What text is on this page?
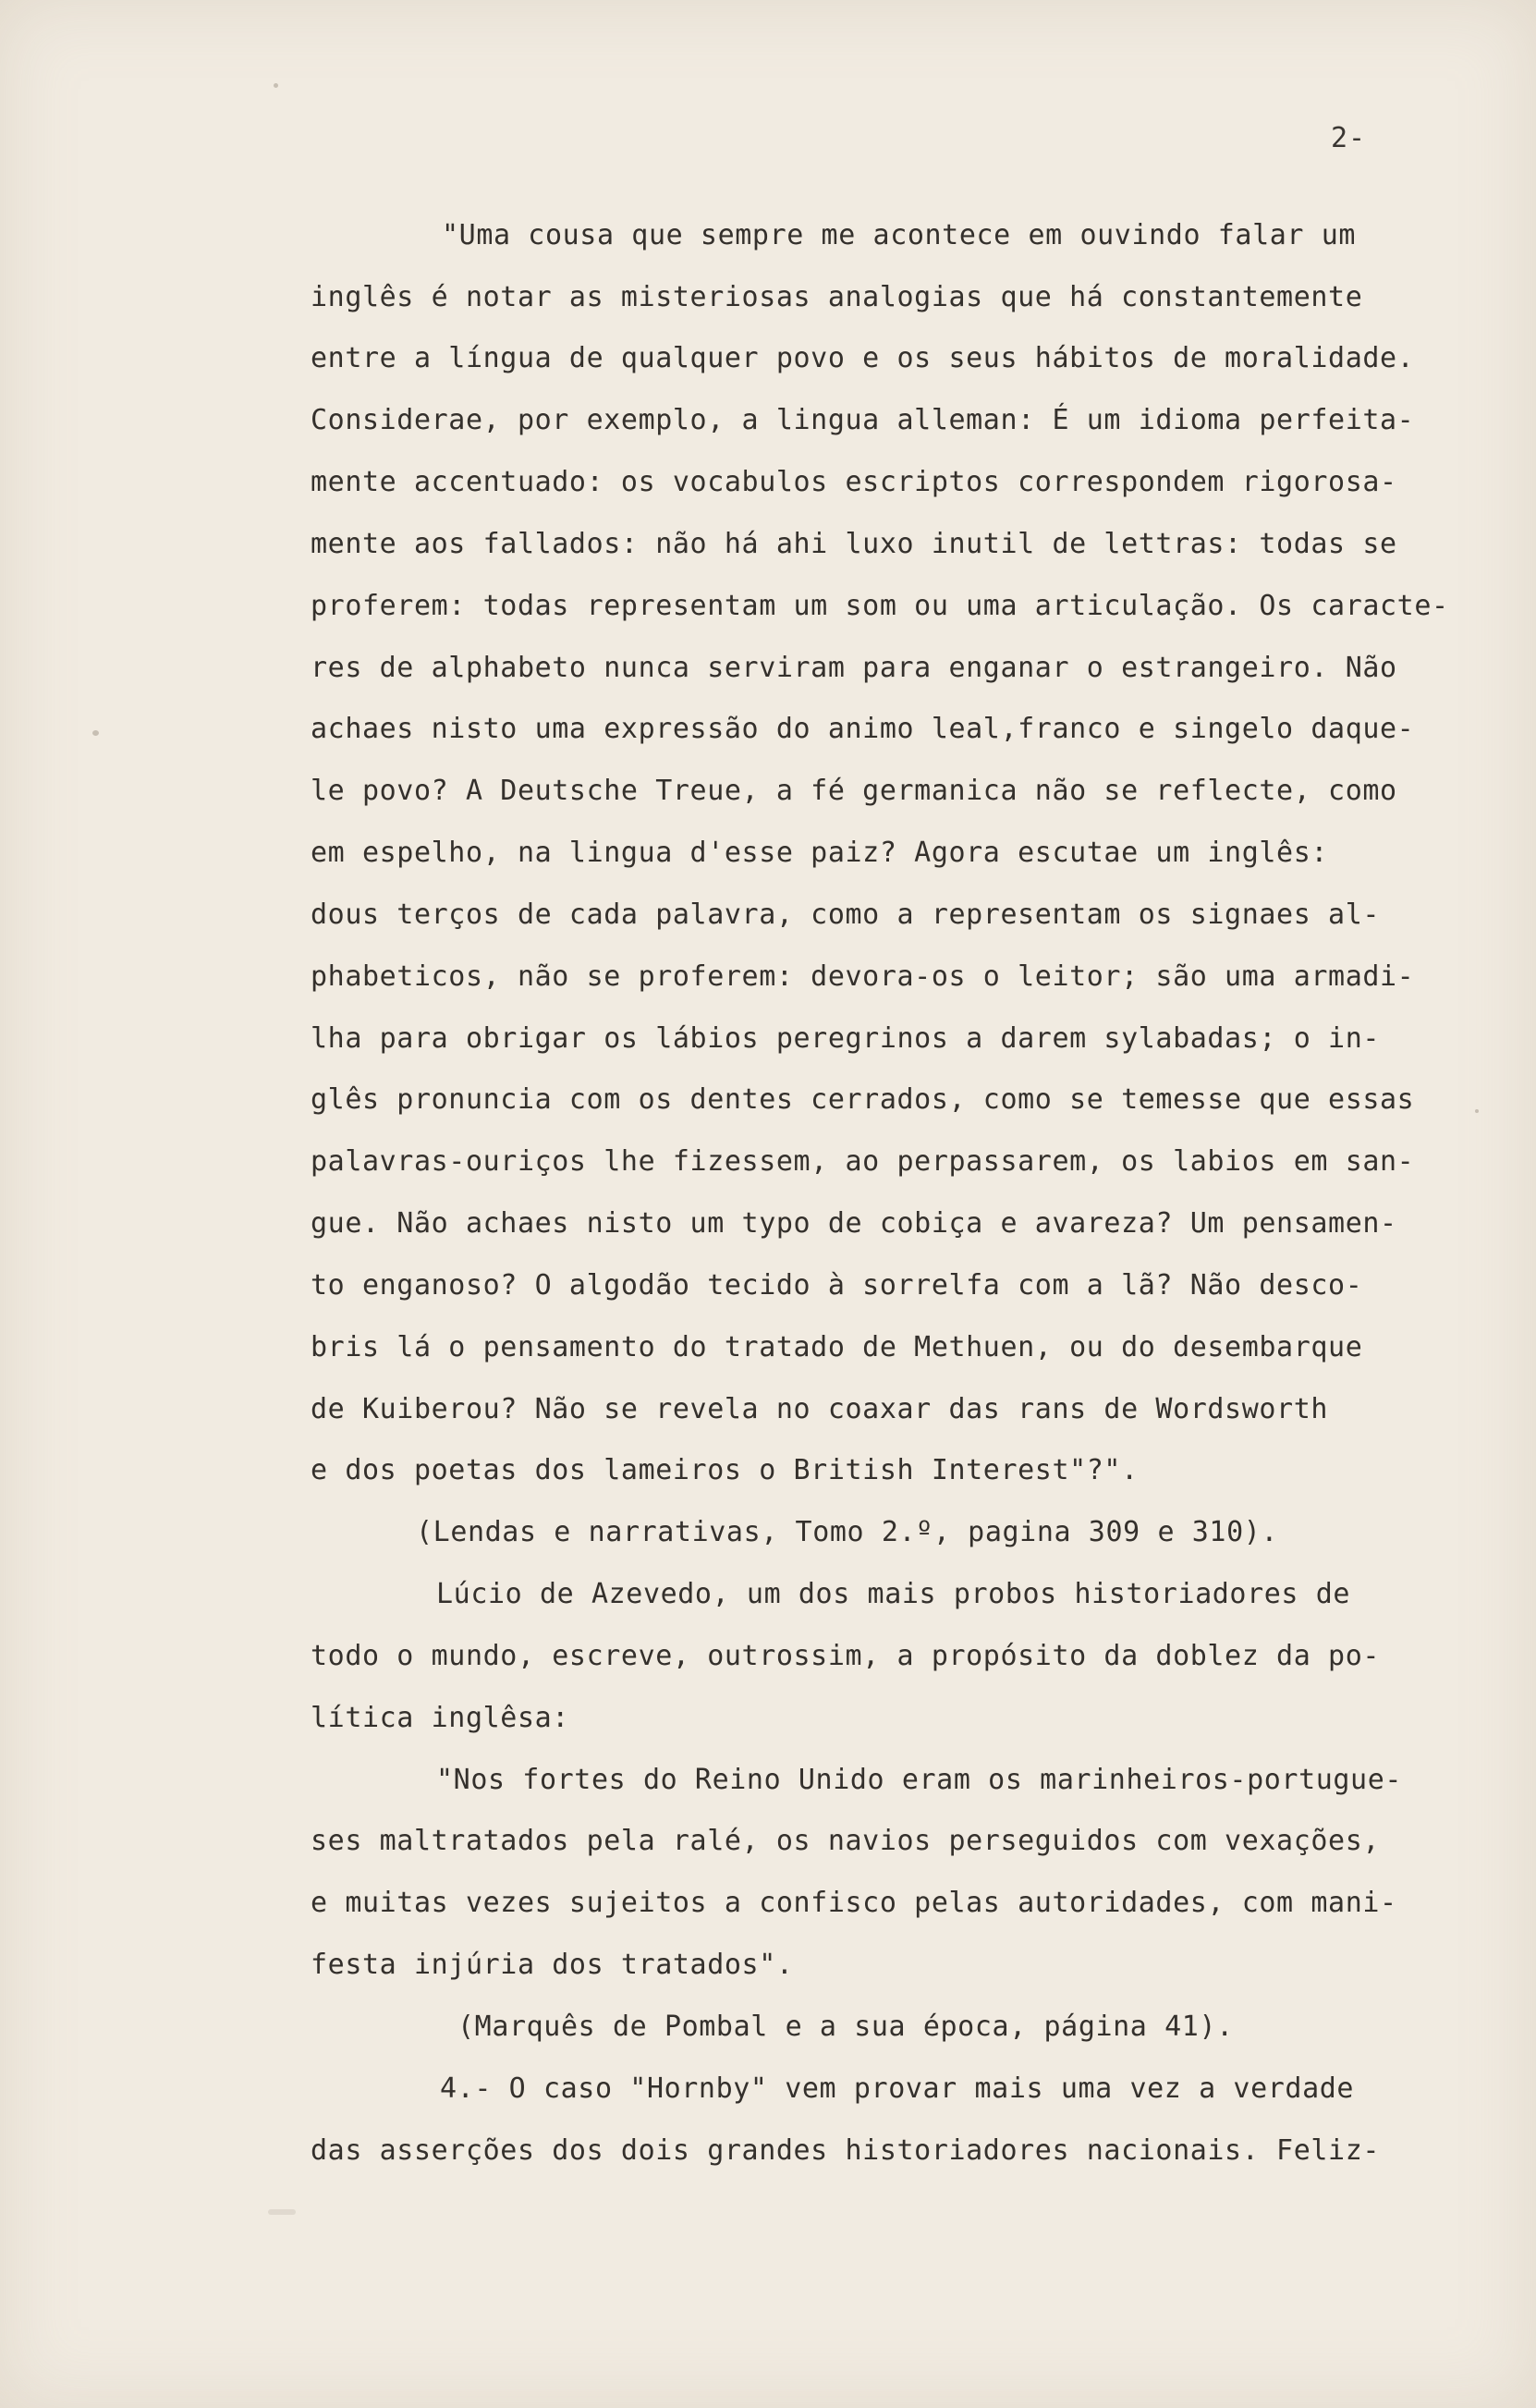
2-
"Uma cousa que sempre me acontece em ouvindo falar um
inglês é notar as misteriosas analogias que há constantemente
entre a língua de qualquer povo e os seus hábitos de moralidade.
Considerae, por exemplo, a lingua alleman: É um idioma perfeita-
mente accentuado: os vocabulos escriptos correspondem rigorosa-
mente aos fallados: não há ahi luxo inutil de lettras: todas se
proferem: todas representam um som ou uma articulação. Os caracte-
res de alphabeto nunca serviram para enganar o estrangeiro. Não
achaes nisto uma expressão do animo leal,franco e singelo daque-
le povo? A Deutsche Treue, a fé germanica não se reflecte, como
em espelho, na lingua d'esse paiz? Agora escutae um inglês:
dous terços de cada palavra, como a representam os signaes al-
phabeticos, não se proferem: devora-os o leitor; são uma armadi-
lha para obrigar os lábios peregrinos a darem sylabadas; o in-
glês pronuncia com os dentes cerrados, como se temesse que essas
palavras-ouriços lhe fizessem, ao perpassarem, os labios em san-
gue. Não achaes nisto um typo de cobiça e avareza? Um pensamen-
to enganoso? O algodão tecido à sorrelfa com a lã? Não desco-
bris lá o pensamento do tratado de Methuen, ou do desembarque
de Kuiberou? Não se revela no coaxar das rans de Wordsworth
e dos poetas dos lameiros o British Interest"?".
(Lendas e narrativas, Tomo 2.º, pagina 309 e 310).
Lúcio de Azevedo, um dos mais probos historiadores de
todo o mundo, escreve, outrossim, a propósito da doblez da po-
lítica inglêsa:
"Nos fortes do Reino Unido eram os marinheiros-portugue-
ses maltratados pela ralé, os navios perseguidos com vexações,
e muitas vezes sujeitos a confisco pelas autoridades, com mani-
festa injúria dos tratados".
(Marquês de Pombal e a sua época, página 41).
4.- O caso "Hornby" vem provar mais uma vez a verdade
das asserções dos dois grandes historiadores nacionais. Feliz-
